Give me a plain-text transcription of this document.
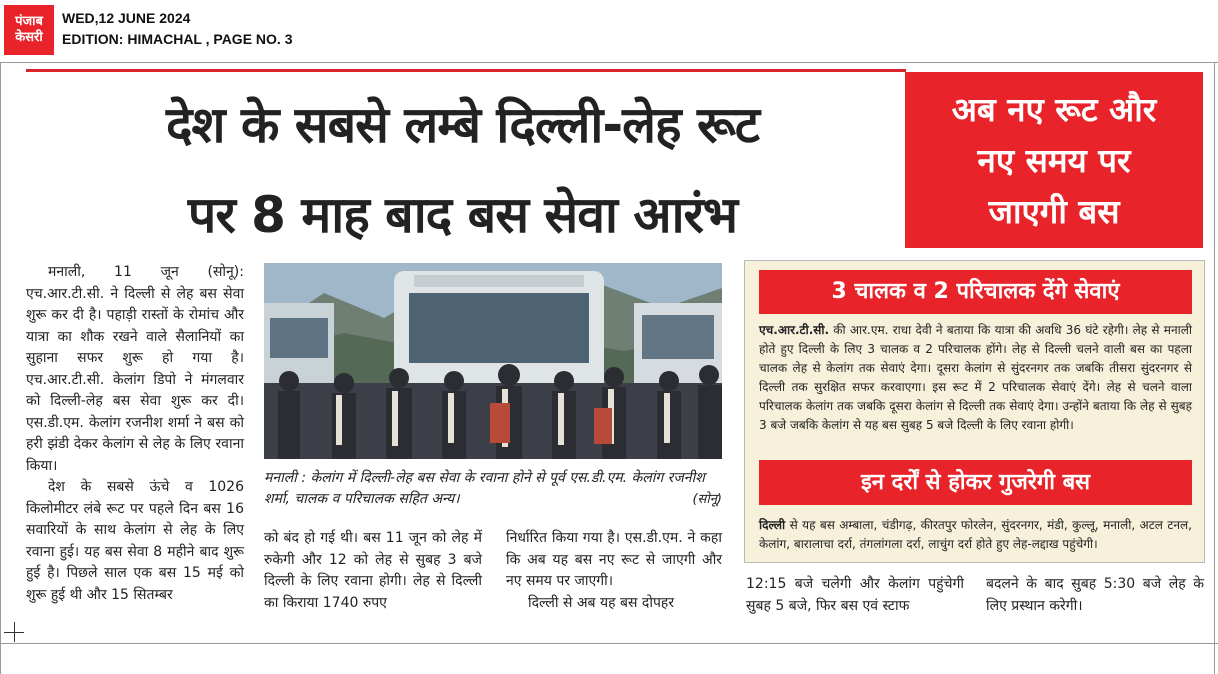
पंजाब
केसरी
WED,12 JUNE 2024
EDITION: HIMACHAL , PAGE NO. 3
देश के सबसे लम्बे दिल्ली-लेह रूट
पर 8 माह बाद बस सेवा आरंभ
अब नए रूट और
नए समय पर
जाएगी बस

मनाली, 11 जून (सोनू): एच.आर.टी.सी. ने दिल्ली से लेह बस सेवा शुरू कर दी है। पहाड़ी रास्तों के रोमांच और यात्रा का शौक रखने वाले सैलानियों का सुहाना सफर शुरू हो गया है। एच.आर.टी.सी. केलांग डिपो ने मंगलवार को दिल्ली-लेह बस सेवा शुरू कर दी। एस.डी.एम. केलांग रजनीश शर्मा ने बस को हरी झंडी देकर केलांग से लेह के लिए रवाना किया।

देश के सबसे ऊंचे व 1026 किलोमीटर लंबे रूट पर पहले दिन बस 16 सवारियों के साथ केलांग से लेह के लिए रवाना हुई। यह बस सेवा 8 महीने बाद शुरू हुई है। पिछले साल एक बस 15 मई को शुरू हुई थी और 15 सितम्बर

मनाली : केलांग में दिल्ली-लेह बस सेवा के रवाना होने से पूर्व एस.डी.एम. केलांग रजनीश शर्मा, चालक व परिचालक सहित अन्य।	(सोनू)
को बंद हो गई थी। बस 11 जून को लेह में रुकेगी और 12 को लेह से सुबह 3 बजे दिल्ली के लिए रवाना होगी। लेह से दिल्ली का किराया 1740 रुपए
निर्धारित किया गया है। एस.डी.एम. ने कहा कि अब यह बस नए रूट से जाएगी और नए समय पर जाएगी।
दिल्ली से अब यह बस दोपहर
3 चालक व 2 परिचालक देंगे सेवाएं
एच.आर.टी.सी. की आर.एम. राधा देवी ने बताया कि यात्रा की अवधि 36 घंटे रहेगी। लेह से मनाली होते हुए दिल्ली के लिए 3 चालक व 2 परिचालक होंगे। लेह से दिल्ली चलने वाली बस का पहला चालक लेह से केलांग तक सेवाएं देगा। दूसरा केलांग से सुंदरनगर तक जबकि तीसरा सुंदरनगर से दिल्ली तक सुरक्षित सफर करवाएगा। इस रूट में 2 परिचालक सेवाएं देंगे। लेह से चलने वाला परिचालक केलांग तक जबकि दूसरा केलांग से दिल्ली तक सेवाएं देगा। उन्होंने बताया कि लेह से सुबह 3 बजे जबकि केलांग से यह बस सुबह 5 बजे दिल्ली के लिए रवाना होगी।
इन दर्रों से होकर गुजरेगी बस
दिल्ली से यह बस अम्बाला, चंडीगढ़, कीरतपुर फोरलेन, सुंदरनगर, मंडी, कुल्लू, मनाली, अटल टनल, केलांग, बारालाचा दर्रा, तंगलांगला दर्रा, लाचुंग दर्रा होते हुए लेह-लद्दाख पहुंचेगी।
12:15 बजे चलेगी और केलांग पहुंचेगी सुबह 5 बजे, फिर बस एवं स्टाफ
बदलने के बाद सुबह 5:30 बजे लेह के लिए प्रस्थान करेगी।
